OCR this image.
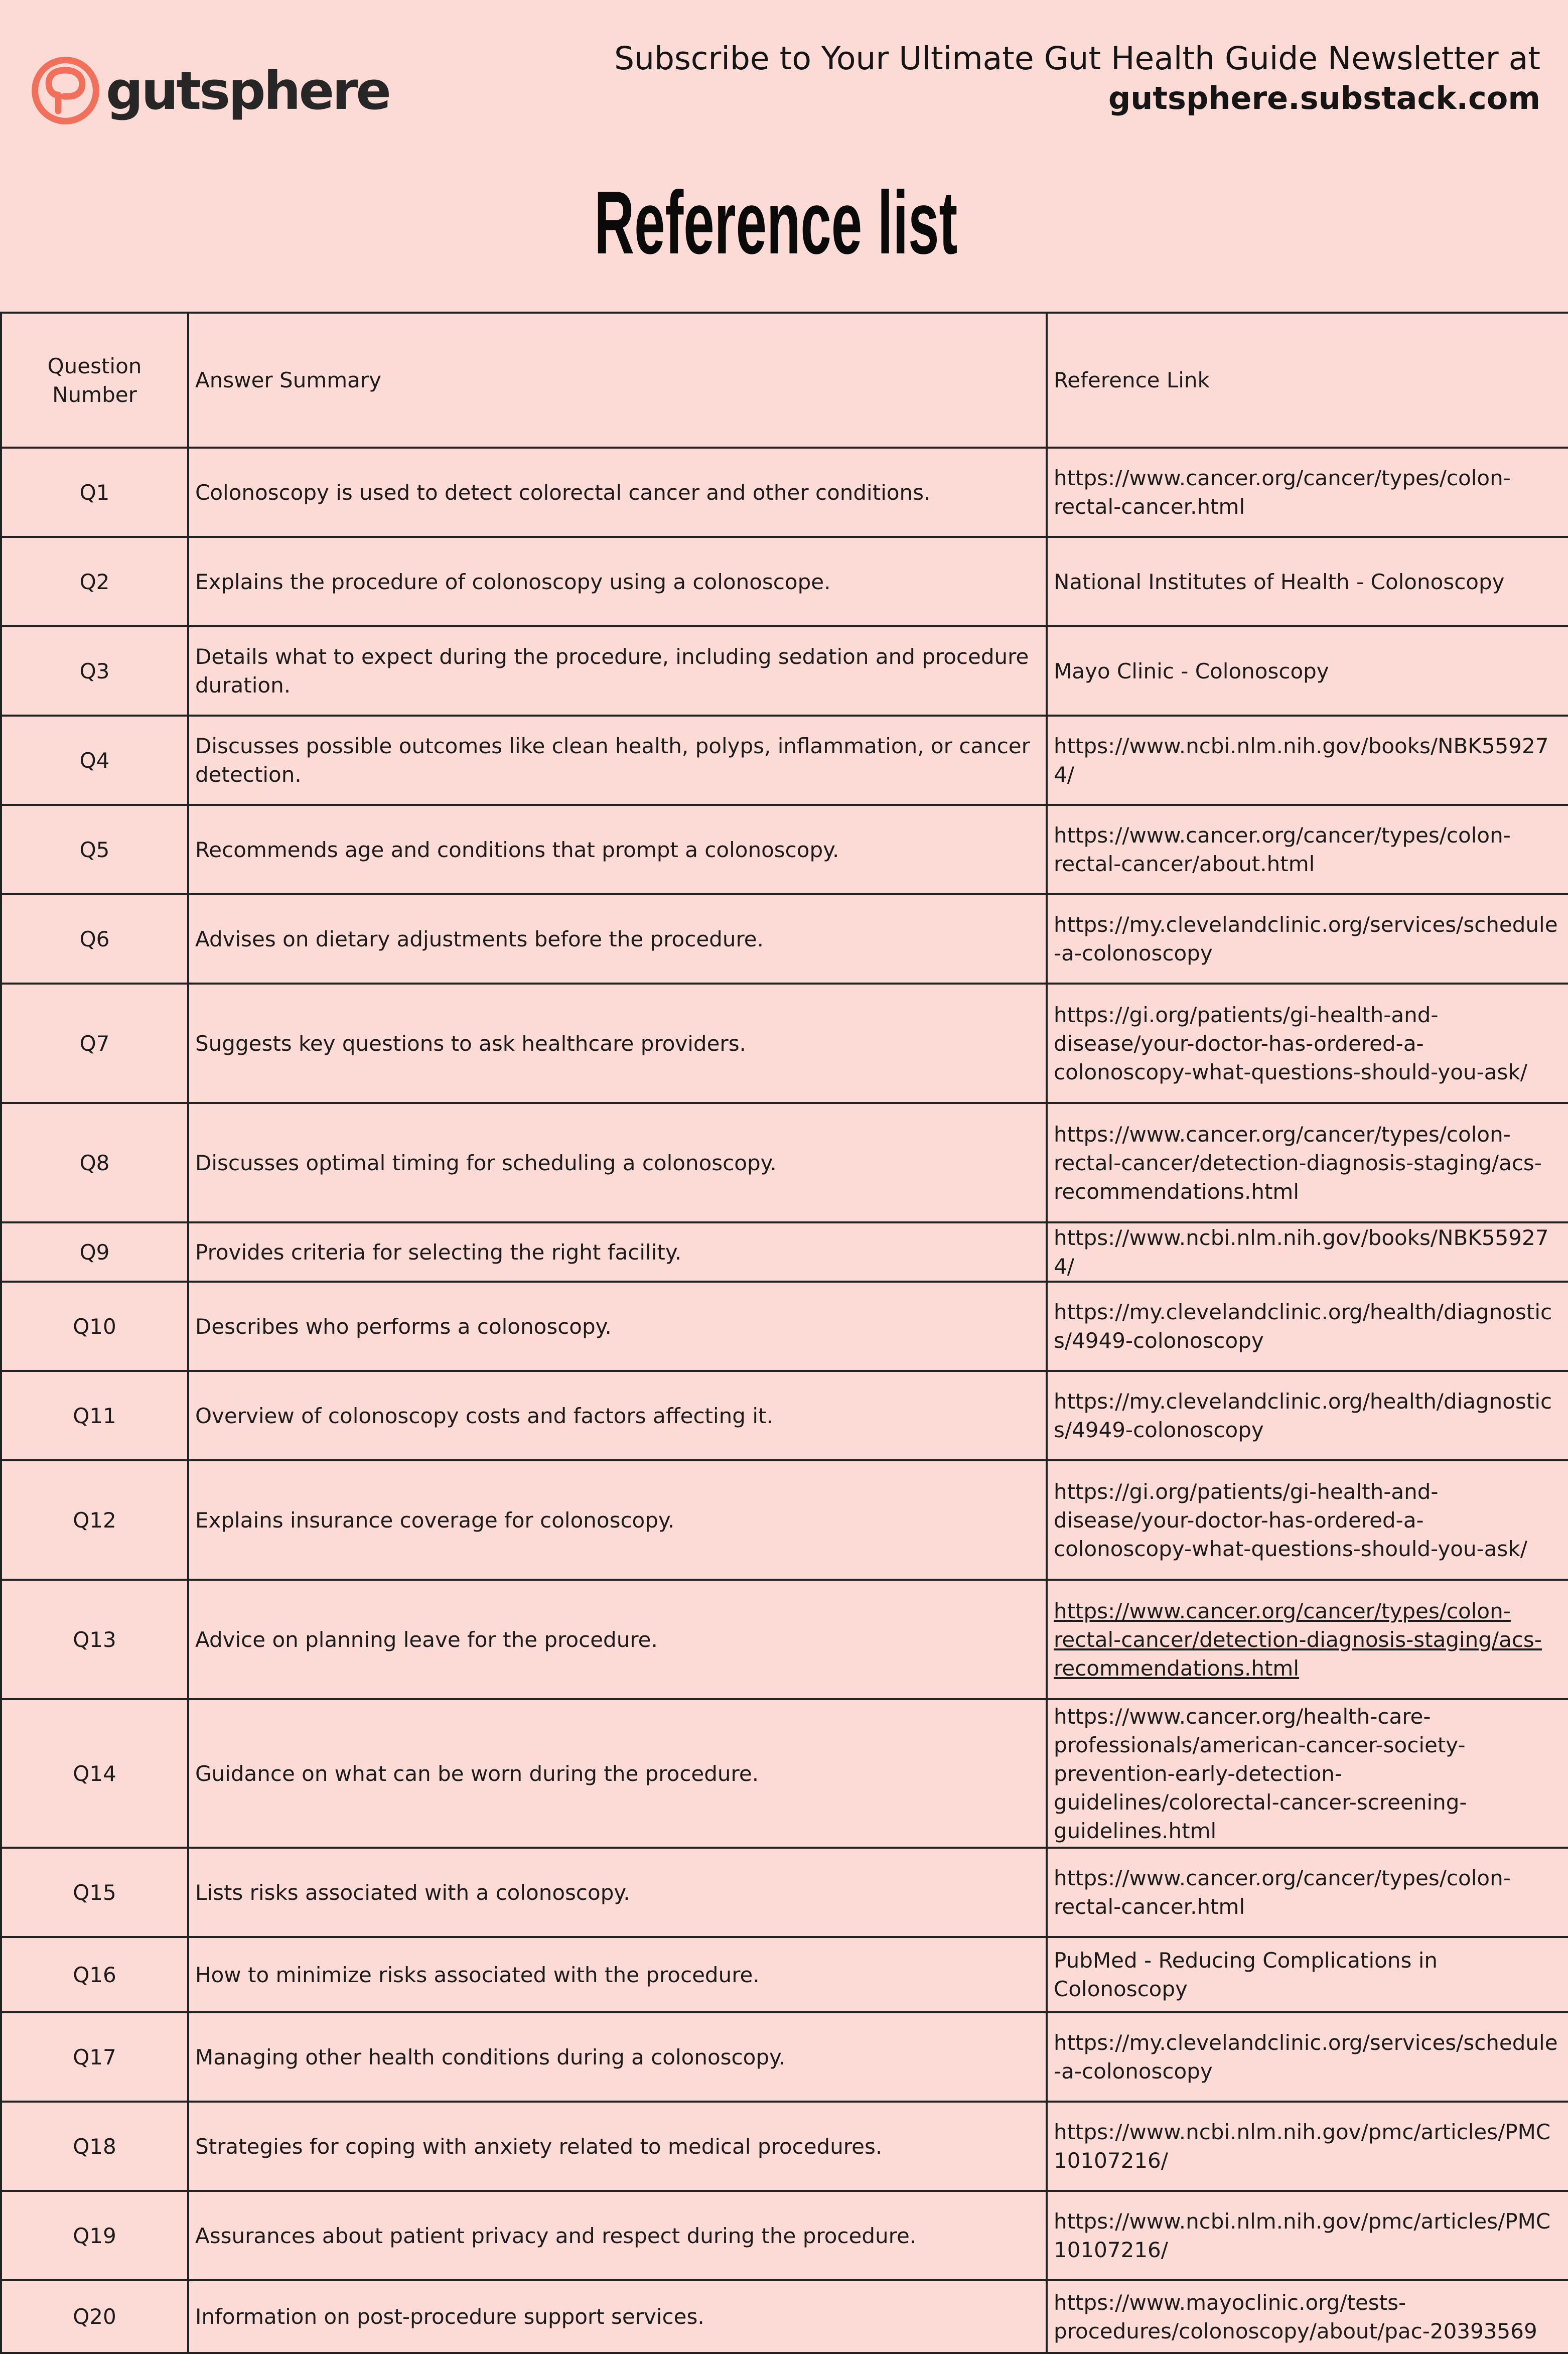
gutsphere
Subscribe to Your Ultimate Gut Health Guide Newsletter at
gutsphere.substack.com
Reference list
Question Number	Answer Summary	Reference Link
Q1	Colonoscopy is used to detect colorectal cancer and other conditions.	https://www.cancer.org/cancer/types/colon-rectal-cancer.html
Q2	Explains the procedure of colonoscopy using a colonoscope.	National Institutes of Health - Colonoscopy
Q3	Details what to expect during the procedure, including sedation and procedure duration.	Mayo Clinic - Colonoscopy
Q4	Discusses possible outcomes like clean health, polyps, inflammation, or cancer detection.	https://www.ncbi.nlm.nih.gov/books/NBK559274/
Q5	Recommends age and conditions that prompt a colonoscopy.	https://www.cancer.org/cancer/types/colon-rectal-cancer/about.html
Q6	Advises on dietary adjustments before the procedure.	https://my.clevelandclinic.org/services/schedule-a-colonoscopy
Q7	Suggests key questions to ask healthcare providers.	https://gi.org/patients/gi-health-and-disease/your-doctor-has-ordered-a-colonoscopy-what-questions-should-you-ask/
Q8	Discusses optimal timing for scheduling a colonoscopy.	https://www.cancer.org/cancer/types/colon-rectal-cancer/detection-diagnosis-staging/acs-recommendations.html
Q9	Provides criteria for selecting the right facility.	https://www.ncbi.nlm.nih.gov/books/NBK559274/
Q10	Describes who performs a colonoscopy.	https://my.clevelandclinic.org/health/diagnostics/4949-colonoscopy
Q11	Overview of colonoscopy costs and factors affecting it.	https://my.clevelandclinic.org/health/diagnostics/4949-colonoscopy
Q12	Explains insurance coverage for colonoscopy.	https://gi.org/patients/gi-health-and-disease/your-doctor-has-ordered-a-colonoscopy-what-questions-should-you-ask/
Q13	Advice on planning leave for the procedure.	https://www.cancer.org/cancer/types/colon-rectal-cancer/detection-diagnosis-staging/acs-recommendations.html
Q14	Guidance on what can be worn during the procedure.	https://www.cancer.org/health-care-professionals/american-cancer-society-prevention-early-detection-guidelines/colorectal-cancer-screening-guidelines.html
Q15	Lists risks associated with a colonoscopy.	https://www.cancer.org/cancer/types/colon-rectal-cancer.html
Q16	How to minimize risks associated with the procedure.	PubMed - Reducing Complications in Colonoscopy
Q17	Managing other health conditions during a colonoscopy.	https://my.clevelandclinic.org/services/schedule-a-colonoscopy
Q18	Strategies for coping with anxiety related to medical procedures.	https://www.ncbi.nlm.nih.gov/pmc/articles/PMC10107216/
Q19	Assurances about patient privacy and respect during the procedure.	https://www.ncbi.nlm.nih.gov/pmc/articles/PMC10107216/
Q20	Information on post-procedure support services.	https://www.mayoclinic.org/tests-procedures/colonoscopy/about/pac-20393569
